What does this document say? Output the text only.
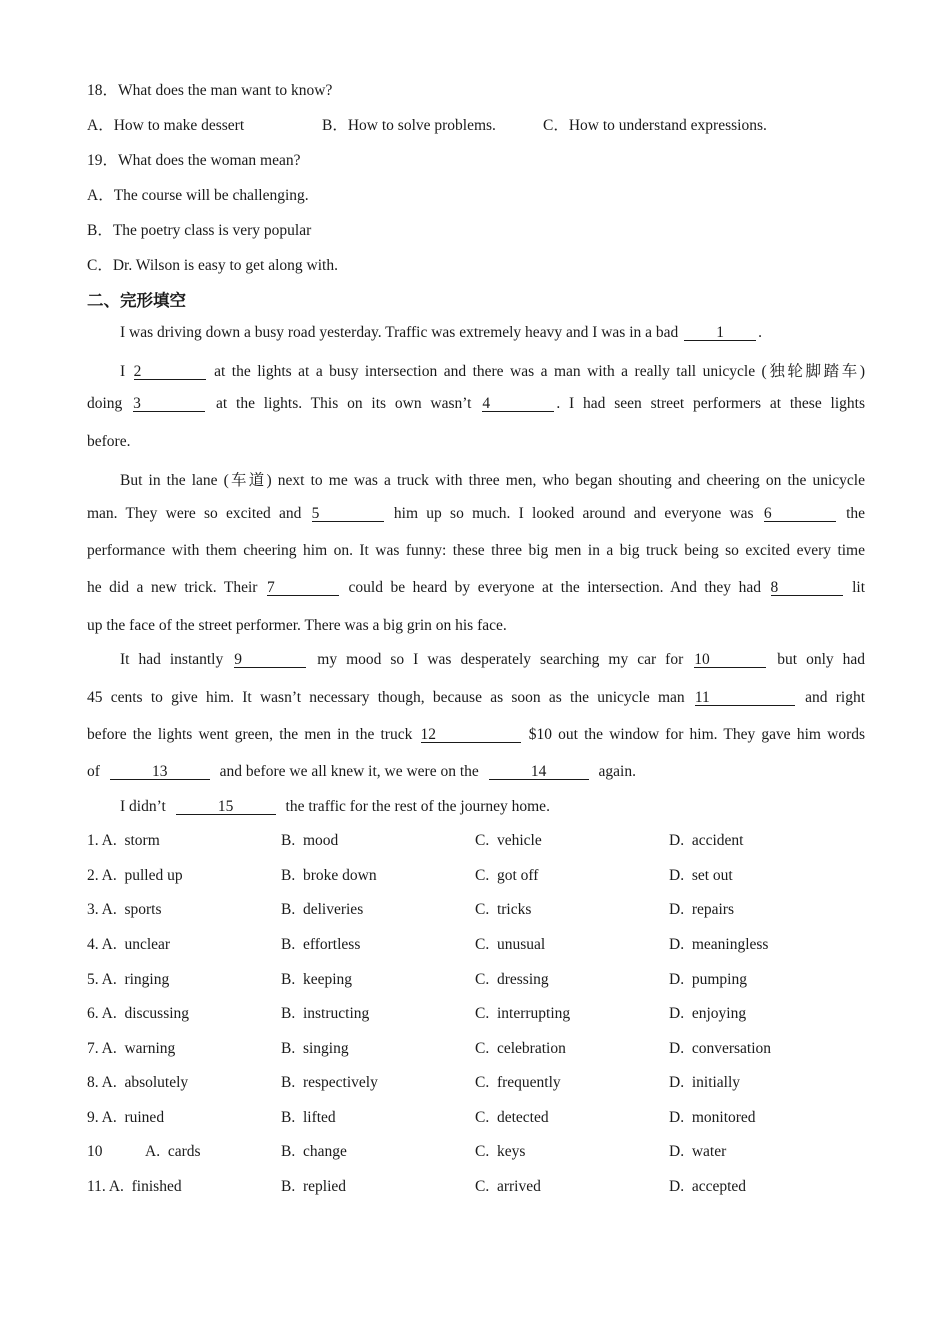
18．What does the man want to know?
A．How to make dessert	B．How to solve problems.	C．How to understand expressions.
19．What does the woman mean?
A．The course will be challenging.
B．The poetry class is very popular
C．Dr. Wilson is easy to get along with.
二、完形填空
I was driving down a busy road yesterday. Traffic was extremely heavy and I was in a bad 1 .
I 2	at the lights at a busy intersection and there was a man with a really tall unicycle (独轮脚踏车)
doing 3	at the lights. This on its own wasn’t 4	. I had seen street performers at these lights
before.
But in the lane (车道) next to me was a truck with three men, who began shouting and cheering on the unicycle
man. They were so excited and 5	him up so much. I looked around and everyone was 6	the
performance with them cheering him on. It was funny: these three big men in a big truck being so excited every time
he did a new trick. Their 7	could be heard by everyone at the intersection. And they had 8	lit
up the face of the street performer. There was a big grin on his face.
It had instantly 9	my mood so I was desperately searching my car for 10	but only had
45 cents to give him. It wasn’t necessary though, because as soon as the unicycle man 11	and right
before the lights went green, the men in the truck 12	$10 out the window for him. They gave him words
of	13	and before we all knew it, we were on the	14	again.
I didn’t	15	the traffic for the rest of the journey home.
1. A. storm	B. mood	C. vehicle	D. accident
2. A. pulled up	B. broke down	C. got off	D. set out
3. A. sports	B. deliveries	C. tricks	D. repairs
4. A. unclear	B. effortless	C. unusual	D. meaningless
5. A. ringing	B. keeping	C. dressing	D. pumping
6. A. discussing	B. instructing	C. interrupting	D. enjoying
7. A. warning	B. singing	C. celebration	D. conversation
8. A. absolutely	B. respectively	C. frequently	D. initially
9. A. ruined	B. lifted	C. detected	D. monitored
10	A. cards	B. change	C. keys	D. water
11. A. finished	B. replied	C. arrived	D. accepted
